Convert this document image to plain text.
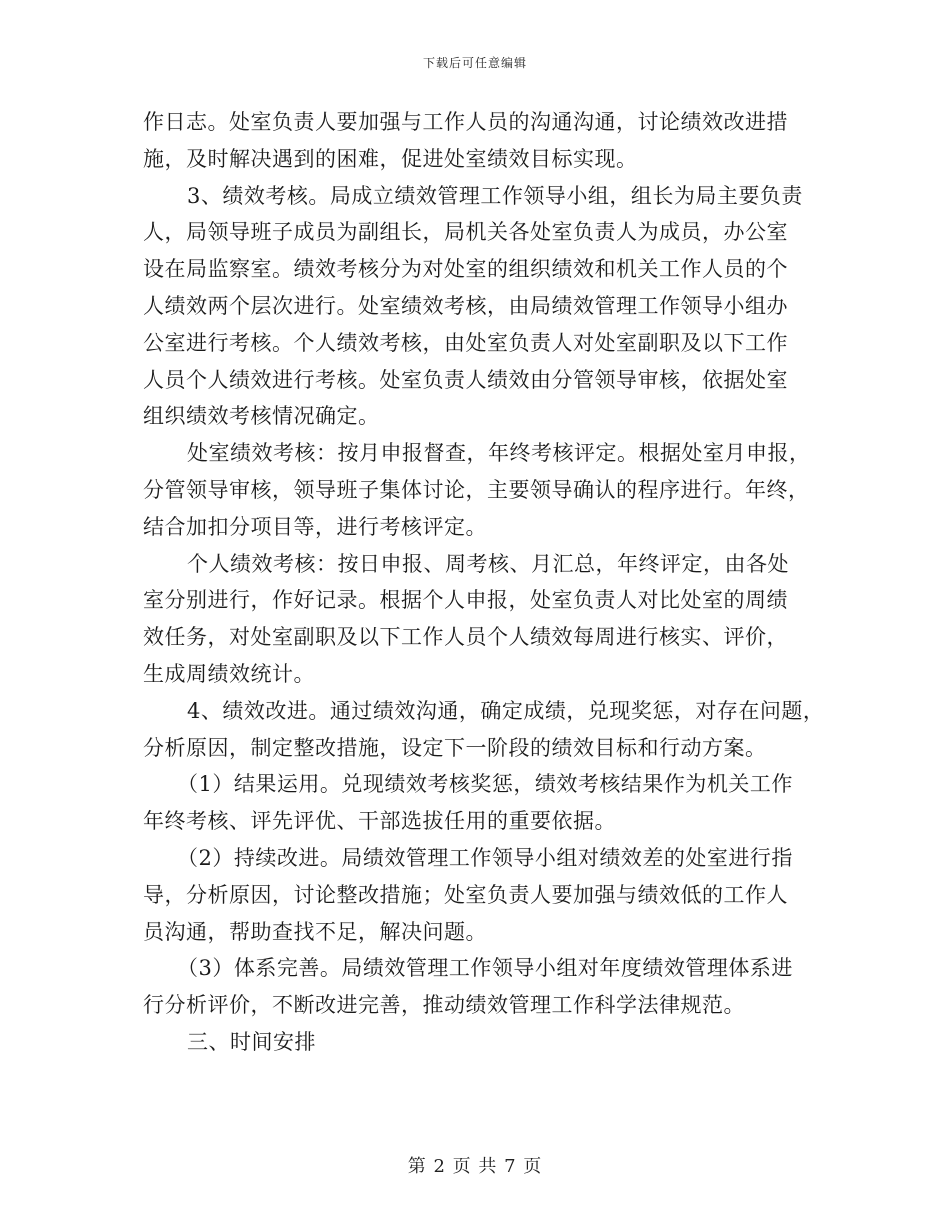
下载后可任意编辑
作日志。处室负责人要加强与工作人员的沟通沟通，讨论绩效改进措
施，及时解决遇到的困难，促进处室绩效目标实现。
3、绩效考核。局成立绩效管理工作领导小组，组长为局主要负责
人，局领导班子成员为副组长，局机关各处室负责人为成员，办公室
设在局监察室。绩效考核分为对处室的组织绩效和机关工作人员的个
人绩效两个层次进行。处室绩效考核，由局绩效管理工作领导小组办
公室进行考核。个人绩效考核，由处室负责人对处室副职及以下工作
人员个人绩效进行考核。处室负责人绩效由分管领导审核，依据处室
组织绩效考核情况确定。
处室绩效考核：按月申报督查，年终考核评定。根据处室月申报，
分管领导审核，领导班子集体讨论，主要领导确认的程序进行。年终，
结合加扣分项目等，进行考核评定。
个人绩效考核：按日申报、周考核、月汇总，年终评定，由各处
室分别进行，作好记录。根据个人申报，处室负责人对比处室的周绩
效任务，对处室副职及以下工作人员个人绩效每周进行核实、评价，
生成周绩效统计。
4、绩效改进。通过绩效沟通，确定成绩，兑现奖惩，对存在问题，
分析原因，制定整改措施，设定下一阶段的绩效目标和行动方案。
（1）结果运用。兑现绩效考核奖惩，绩效考核结果作为机关工作
年终考核、评先评优、干部选拔任用的重要依据。
（2）持续改进。局绩效管理工作领导小组对绩效差的处室进行指
导，分析原因，讨论整改措施；处室负责人要加强与绩效低的工作人
员沟通，帮助查找不足，解决问题。
（3）体系完善。局绩效管理工作领导小组对年度绩效管理体系进
行分析评价，不断改进完善，推动绩效管理工作科学法律规范。
三、时间安排
第 2 页 共 7 页
